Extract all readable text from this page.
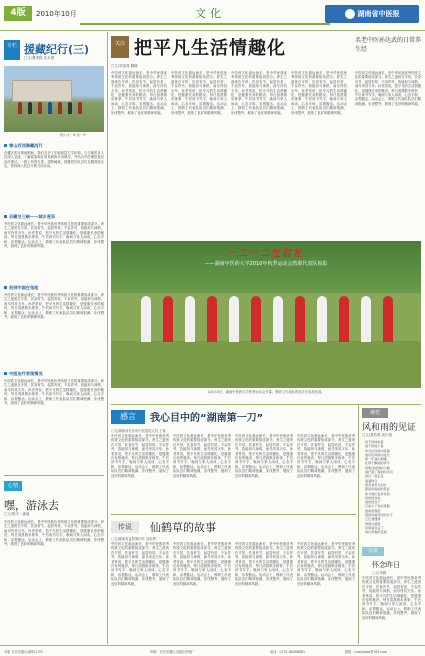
4版	2010年10月	文化	湖南省中医报
专栏 援藏纪行(三)
□文/曹香根 沈永德
图片/文一鸣 郑一中
雪山苏西满藏西行
在藏区医疗援助期间，我们走访了多地基层卫生机构，与当地医务人员深入交流，了解高原地区常见病的诊治情况，并结合中医理论提出治疗建议。一路上风景壮美，道路崎岖，援藏医疗队员们克服高原反应，坚持深入牧区开展义诊活动。
后藏与三峡——城乡差异
中医药文化源远流长，是中华民族优秀传统文化的重要组成部分。养生之道贵在平常，饮食有节，起居有常，不妄作劳，故能形与神俱，而尽终其天年。孙老常说，把平凡的生活情趣化，是健康长寿的秘诀。每日清晨散步练拳，午后读书写字，晚间与家人闲谈，心态平和，乐观豁达。运动会上，教职工代表队队员们精神饱满，步伐整齐，展现了良好的精神风貌。
初到中国在兔地
中医药文化源远流长，是中华民族优秀传统文化的重要组成部分。养生之道贵在平常，饮食有节，起居有常，不妄作劳，故能形与神俱，而尽终其天年。孙老常说，把平凡的生活情趣化，是健康长寿的秘诀。每日清晨散步练拳，午后读书写字，晚间与家人闲谈，心态平和，乐观豁达。运动会上，教职工代表队队员们精神饱满，步伐整齐，展现了良好的精神风貌。
中医治疗表现情况
中医药文化源远流长，是中华民族优秀传统文化的重要组成部分。养生之道贵在平常，饮食有节，起居有常，不妄作劳，故能形与神俱，而尽终其天年。孙老常说，把平凡的生活情趣化，是健康长寿的秘诀。每日清晨散步练拳，午后读书写字，晚间与家人闲谈，心态平和，乐观豁达。运动会上，教职工代表队队员们精神饱满，步伐整齐，展现了良好的精神风貌。
心情
嘿，游泳去
□文/陈平 · 潘迪
中医药文化源远流长，是中华民族优秀传统文化的重要组成部分。养生之道贵在平常，饮食有节，起居有常，不妄作劳，故能形与神俱，而尽终其天年。孙老常说，把平凡的生活情趣化，是健康长寿的秘诀。每日清晨散步练拳，午后读书写字，晚间与家人闲谈，心态平和，乐观豁达。运动会上，教职工代表队队员们精神饱满，步伐整齐，展现了良好的精神风貌。
关注 把平凡生活情趣化	名老中医孙达武的日常养生经
□文/刘香燕 魏姗
中医药文化源远流长，是中华民族优秀传统文化的重要组成部分。养生之道贵在平常，饮食有节，起居有常，不妄作劳，故能形与神俱，而尽终其天年。孙老常说，把平凡的生活情趣化，是健康长寿的秘诀。每日清晨散步练拳，午后读书写字，晚间与家人闲谈，心态平和，乐观豁达。运动会上，教职工代表队队员们精神饱满，步伐整齐，展现了良好的精神风貌。
中医药文化源远流长，是中华民族优秀传统文化的重要组成部分。养生之道贵在平常，饮食有节，起居有常，不妄作劳，故能形与神俱，而尽终其天年。孙老常说，把平凡的生活情趣化，是健康长寿的秘诀。每日清晨散步练拳，午后读书写字，晚间与家人闲谈，心态平和，乐观豁达。运动会上，教职工代表队队员们精神饱满，步伐整齐，展现了良好的精神风貌。
中医药文化源远流长，是中华民族优秀传统文化的重要组成部分。养生之道贵在平常，饮食有节，起居有常，不妄作劳，故能形与神俱，而尽终其天年。孙老常说，把平凡的生活情趣化，是健康长寿的秘诀。每日清晨散步练拳，午后读书写字，晚间与家人闲谈，心态平和，乐观豁达。运动会上，教职工代表队队员们精神饱满，步伐整齐，展现了良好的精神风貌。
中医药文化源远流长，是中华民族优秀传统文化的重要组成部分。养生之道贵在平常，饮食有节，起居有常，不妄作劳，故能形与神俱，而尽终其天年。孙老常说，把平凡的生活情趣化，是健康长寿的秘诀。每日清晨散步练拳，午后读书写字，晚间与家人闲谈，心态平和，乐观豁达。运动会上，教职工代表队队员们精神饱满，步伐整齐，展现了良好的精神风貌。
中医药文化源远流长，是中华民族优秀传统文化的重要组成部分。养生之道贵在平常，饮食有节，起居有常，不妄作劳，故能形与神俱，而尽终其天年。孙老常说，把平凡的生活情趣化，是健康长寿的秘诀。每日清晨散步练拳，午后读书写字，晚间与家人闲谈，心态平和，乐观豁达。运动会上，教职工代表队队员们精神饱满，步伐整齐，展现了良好的精神风貌。
一二一二左右左
——湖南中医药大学2010年秋季运动会教职代表队掠影
10月13日，湖南中医药大学秋季运动会开幕，教职工代表队的选手们参加比赛。
感言	我心目中的“湖南第一刀”
□文/湖南省长沙市中医院院人员 王基
中医药文化源远流长，是中华民族优秀传统文化的重要组成部分。养生之道贵在平常，饮食有节，起居有常，不妄作劳，故能形与神俱，而尽终其天年。孙老常说，把平凡的生活情趣化，是健康长寿的秘诀。每日清晨散步练拳，午后读书写字，晚间与家人闲谈，心态平和，乐观豁达。运动会上，教职工代表队队员们精神饱满，步伐整齐，展现了良好的精神风貌。
中医药文化源远流长，是中华民族优秀传统文化的重要组成部分。养生之道贵在平常，饮食有节，起居有常，不妄作劳，故能形与神俱，而尽终其天年。孙老常说，把平凡的生活情趣化，是健康长寿的秘诀。每日清晨散步练拳，午后读书写字，晚间与家人闲谈，心态平和，乐观豁达。运动会上，教职工代表队队员们精神饱满，步伐整齐，展现了良好的精神风貌。
中医药文化源远流长，是中华民族优秀传统文化的重要组成部分。养生之道贵在平常，饮食有节，起居有常，不妄作劳，故能形与神俱，而尽终其天年。孙老常说，把平凡的生活情趣化，是健康长寿的秘诀。每日清晨散步练拳，午后读书写字，晚间与家人闲谈，心态平和，乐观豁达。运动会上，教职工代表队队员们精神饱满，步伐整齐，展现了良好的精神风貌。
中医药文化源远流长，是中华民族优秀传统文化的重要组成部分。养生之道贵在平常，饮食有节，起居有常，不妄作劳，故能形与神俱，而尽终其天年。孙老常说，把平凡的生活情趣化，是健康长寿的秘诀。每日清晨散步练拳，午后读书写字，晚间与家人闲谈，心态平和，乐观豁达。运动会上，教职工代表队队员们精神饱满，步伐整齐，展现了良好的精神风貌。
传说	仙鹤草的故事
□文/湖南省益阳第四年 刘世勇
中医药文化源远流长，是中华民族优秀传统文化的重要组成部分。养生之道贵在平常，饮食有节，起居有常，不妄作劳，故能形与神俱，而尽终其天年。孙老常说，把平凡的生活情趣化，是健康长寿的秘诀。每日清晨散步练拳，午后读书写字，晚间与家人闲谈，心态平和，乐观豁达。运动会上，教职工代表队队员们精神饱满，步伐整齐，展现了良好的精神风貌。
中医药文化源远流长，是中华民族优秀传统文化的重要组成部分。养生之道贵在平常，饮食有节，起居有常，不妄作劳，故能形与神俱，而尽终其天年。孙老常说，把平凡的生活情趣化，是健康长寿的秘诀。每日清晨散步练拳，午后读书写字，晚间与家人闲谈，心态平和，乐观豁达。运动会上，教职工代表队队员们精神饱满，步伐整齐，展现了良好的精神风貌。
中医药文化源远流长，是中华民族优秀传统文化的重要组成部分。养生之道贵在平常，饮食有节，起居有常，不妄作劳，故能形与神俱，而尽终其天年。孙老常说，把平凡的生活情趣化，是健康长寿的秘诀。每日清晨散步练拳，午后读书写字，晚间与家人闲谈，心态平和，乐观豁达。运动会上，教职工代表队队员们精神饱满，步伐整齐，展现了良好的精神风貌。
中医药文化源远流长，是中华民族优秀传统文化的重要组成部分。养生之道贵在平常，饮食有节，起居有常，不妄作劳，故能形与神俱，而尽终其天年。孙老常说，把平凡的生活情趣化，是健康长寿的秘诀。每日清晨散步练拳，午后读书写字，晚间与家人闲谈，心态平和，乐观豁达。运动会上，教职工代表队队员们精神饱满，步伐整齐，展现了良好的精神风貌。
感悟
风和雨的见证
□文/龚浩燕 周小燕
风不停地吹着
雨不停地下着
岁月在风雨中流淌
我们在风雨中成长
那一年我们相遇
在那个飘雨的季节
风吹过校园的小路
雨打湿了窗前的书页
我们一起走过
春夏秋冬
那些欢笑与泪水
都是风和雨的见证
如今我们各奔东西
风依然在吹
雨依然在下
只是少了你的身影
我常常想起
那段风雨同行的日子
它让我懂得
珍惜与感恩
风和雨见证了
我们青春的足迹
杂谈
怀念昨日
□文/李媛
中医药文化源远流长，是中华民族优秀传统文化的重要组成部分。养生之道贵在平常，饮食有节，起居有常，不妄作劳，故能形与神俱，而尽终其天年。孙老常说，把平凡的生活情趣化，是健康长寿的秘诀。每日清晨散步练拳，午后读书写字，晚间与家人闲谈，心态平和，乐观豁达。运动会上，教职工代表队队员们精神饱满，步伐整齐，展现了良好的精神风貌。
本版 长沙市韶山南路113号	印刷：长沙市麓山出版社印刷厂	电话：0731-88458681	邮箱：hnzyybao@163.com
